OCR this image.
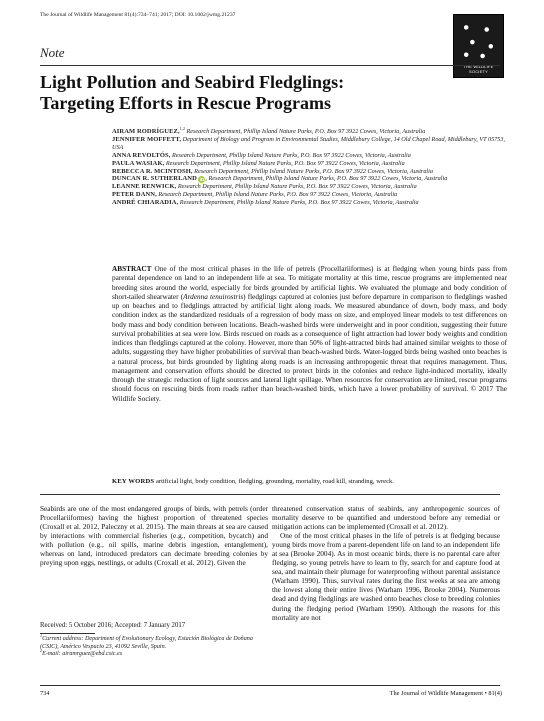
The Journal of Wildlife Management 81(4):734–741; 2017; DOI: 10.1002/jwmg.21237
THE WILDLIFE SOCIETY
Note
Light Pollution and Seabird Fledglings:
Targeting Efforts in Rescue Programs
AIRAM RODRÍGUEZ,$^{1,2}$ Research Department, Phillip Island Nature Parks, P.O. Box 97 3922 Cowes, Victoria, Australia
JENNIFER MOFFETT, Department of Biology and Program in Environmental Studies, Middlebury College, 14 Old Chapel Road, Middlebury, VT 05753, USA
ANNA REVOLTÓS, Research Department, Phillip Island Nature Parks, P.O. Box 97 3922 Cowes, Victoria, Australia
PAULA WASIAK, Research Department, Phillip Island Nature Parks, P.O. Box 97 3922 Cowes, Victoria, Australia
REBECCA R. MCINTOSH, Research Department, Phillip Island Nature Parks, P.O. Box 97 3922 Cowes, Victoria, Australia
DUNCAN R. SUTHERLAND iD, Research Department, Phillip Island Nature Parks, P.O. Box 97 3922 Cowes, Victoria, Australia
LEANNE RENWICK, Research Department, Phillip Island Nature Parks, P.O. Box 97 3922 Cowes, Victoria, Australia
PETER DANN, Research Department, Phillip Island Nature Parks, P.O. Box 97 3922 Cowes, Victoria, Australia
ANDRÉ CHIARADIA, Research Department, Phillip Island Nature Parks, P.O. Box 97 3922 Cowes, Victoria, Australia
ABSTRACT One of the most critical phases in the life of petrels (Procellariiformes) is at fledging when young birds pass from parental dependence on land to an independent life at sea. To mitigate mortality at this time, rescue programs are implemented near breeding sites around the world, especially for birds grounded by artificial lights. We evaluated the plumage and body condition of short-tailed shearwater (Ardenna tenuirostris) fledglings captured at colonies just before departure in comparison to fledglings washed up on beaches and to fledglings attracted by artificial light along roads. We measured abundance of down, body mass, and body condition index as the standardized residuals of a regression of body mass on size, and employed linear models to test differences on body mass and body condition between locations. Beach-washed birds were underweight and in poor condition, suggesting their future survival probabilities at sea were low. Birds rescued on roads as a consequence of light attraction had lower body weights and condition indices than fledglings captured at the colony. However, more than 50% of light-attracted birds had attained similar weights to those of adults, suggesting they have higher probabilities of survival than beach-washed birds. Water-logged birds being washed onto beaches is a natural process, but birds grounded by lighting along roads is an increasing anthropogenic threat that requires management. Thus, management and conservation efforts should be directed to protect birds in the colonies and reduce light-induced mortality, ideally through the strategic reduction of light sources and lateral light spillage. When resources for conservation are limited, rescue programs should focus on rescuing birds from roads rather than beach-washed birds, which have a lower probability of survival. © 2017 The Wildlife Society.
KEY WORDS artificial light, body condition, fledgling, grounding, mortality, road kill, stranding, wreck.

Seabirds are one of the most endangered groups of birds, with petrels (order Procellariiformes) having the highest proportion of threatened species (Croxall et al. 2012, Paleczny et al. 2015). The main threats at sea are caused by interactions with commercial fisheries (e.g., competition, bycatch) and with pollution (e.g., oil spills, marine debris ingestion, entanglement), whereas on land, introduced predators can decimate breeding colonies by preying upon eggs, nestlings, or adults (Croxall et al. 2012). Given the

threatened conservation status of seabirds, any anthropogenic sources of mortality deserve to be quantified and understood before any remedial or mitigation actions can be implemented (Croxall et al. 2012).

One of the most critical phases in the life of petrels is at fledging because young birds move from a parent-dependent life on land to an independent life at sea (Brooke 2004). As in most oceanic birds, there is no parental care after fledging, so young petrels have to learn to fly, search for and capture food at sea, and maintain their plumage for waterproofing without parental assistance (Warham 1990). Thus, survival rates during the first weeks at sea are among the lowest along their entire lives (Warham 1996, Brooke 2004). Numerous dead and dying fledglings are washed onto beaches close to breeding colonies during the fledging period (Warham 1990). Although the reasons for this mortality are not

Received: 5 October 2016; Accepted: 7 January 2017
$^1$Current address: Department of Evolutionary Ecology, Estación Biológica de Doñana (CSIC), Américo Vespucio 23, 41092 Seville, Spain.
$^2$E-mail: airamrguez@ebd.csic.es
734	The Journal of Wildlife Management • 81(4)
